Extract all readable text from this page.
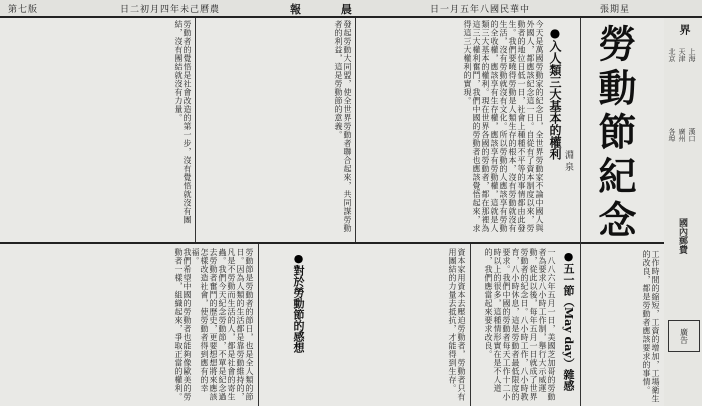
第七版	日二初月四年未己曆農	報 晨	日一月五年八國民華中	張期星
勞動節紀念
淵泉
●入人類三大基本的權利
今天是萬國勞動家的紀念日，全世界勞動家不論中國人與外國人，都應該紀念這一日。自從有了資本制度以來，勞動者的地位日低一日，社會上種種不平等的事情都由此發生。我們要曉得勞動是人類生存的根本，沒有勞動就沒有生活，沒有勞動就沒有文化。所以勞動的人應該享有勞動的全收權，應該享有生存權，應該享有勞動權，這就是人類三大基本的權利。現在世界各國的勞動者，都在那裡為這三大權利奮鬥，我們中國的勞動者也應該覺悟起來，求得這三大權利的實現。
發起勞動大同盟，使全世界勞動者聯合起來，共同謀勞動者的利益，這是勞動節的意義。
勞動者的覺悟是社會改造的第一步，沒有覺悟就沒有團結，沒有團結就沒有力量。
●五一節（May day）雜感
一八八六年五月一日，美國芝加哥的勞動者為要求八小時工作制，舉行大示威運動，從此以後，每年五月一日就成了世界勞動者的紀念日。八小時工作，八小時教育，八小時休息，這是勞動者最低限度的要求。我們中國的勞動者每天工作十二小時以上的很多，這種情形實在是不人道的，我們應當起來要求改良。
資本家用資本去壓迫勞動者，勞動者只有用團結的力量去抵抗，才能得到生存。
●對於勞動節的感想
勞動節是勞動者的節日，也是全人類的節日。因為人類的生活都是靠勞動維持的，凡是不勞動而生活的人，都是社會的寄生蟲。我們今天紀念勞動節，不單是紀念過去勞動者奮鬥的歷史，更要想想將來應該怎樣改造社會，使勞動者得到應有的幸福。
我們希望中國的勞動者也能夠像歐美的勞動者一樣，組織起來，爭取正當的權利。	工作時間的縮短，工資的增加，工場衛生的改良，都是勞動者應該要求的事情。
界
上海
天津
北京
漢口
廣州
各埠
國內郵費
廣告
